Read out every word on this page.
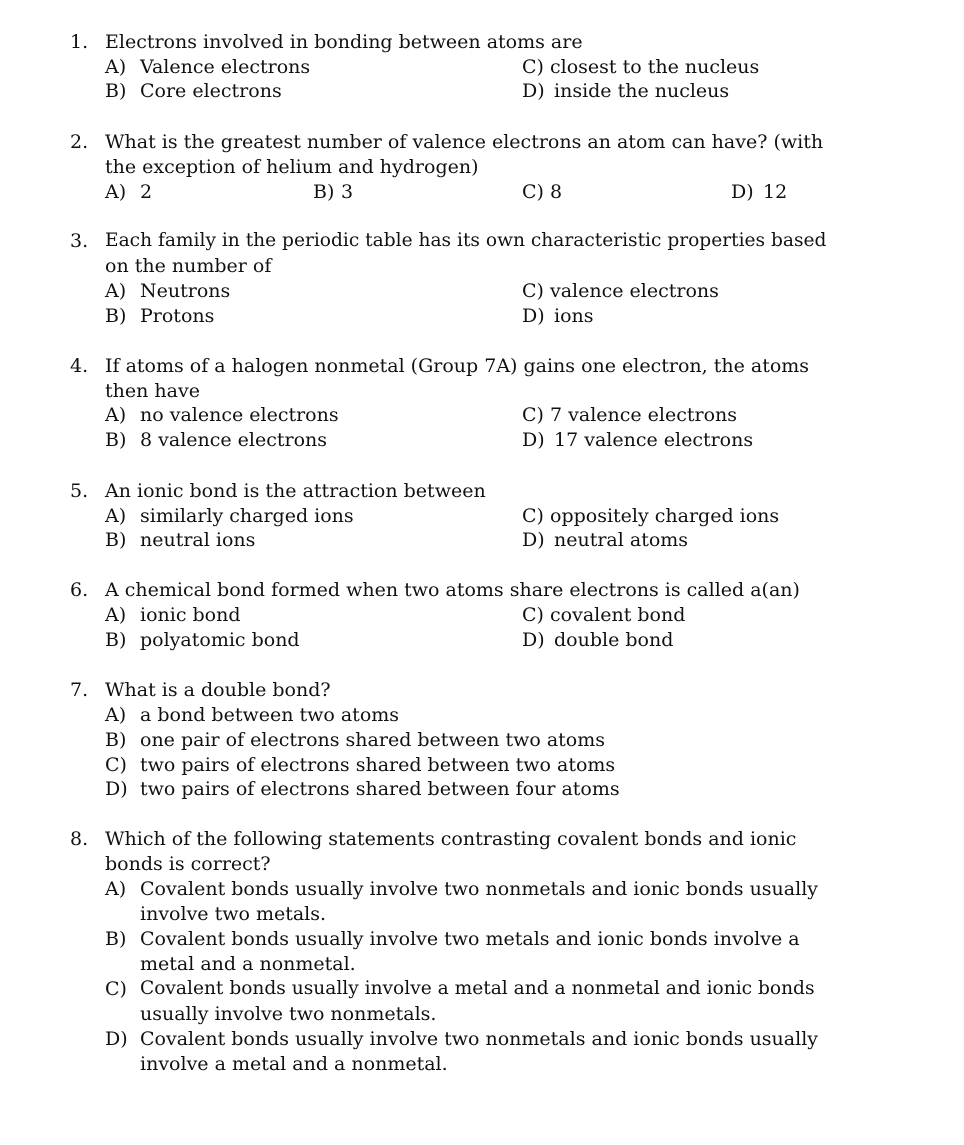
1. Electrons involved in bonding between atoms are
A) Valence electrons
B) Core electrons
C) closest to the nucleus
D) inside the nucleus
2. What is the greatest number of valence electrons an atom can have? (with
the exception of helium and hydrogen)
A) 2	B) 3	C) 8	D) 12
3. Each family in the periodic table has its own characteristic properties based
on the number of
A) Neutrons
B) Protons
C) valence electrons
D) ions
4. If atoms of a halogen nonmetal (Group 7A) gains one electron, the atoms
then have
A) no valence electrons
B) 8 valence electrons
C) 7 valence electrons
D) 17 valence electrons
5. An ionic bond is the attraction between
A) similarly charged ions
B) neutral ions
C) oppositely charged ions
D) neutral atoms
6. A chemical bond formed when two atoms share electrons is called a(an)
A) ionic bond
B) polyatomic bond
C) covalent bond
D) double bond
7. What is a double bond?
A) a bond between two atoms
B) one pair of electrons shared between two atoms
C) two pairs of electrons shared between two atoms
D) two pairs of electrons shared between four atoms
8. Which of the following statements contrasting covalent bonds and ionic
bonds is correct?
A) Covalent bonds usually involve two nonmetals and ionic bonds usually
involve two metals.
B) Covalent bonds usually involve two metals and ionic bonds involve a
metal and a nonmetal.
C) Covalent bonds usually involve a metal and a nonmetal and ionic bonds
usually involve two nonmetals.
D) Covalent bonds usually involve two nonmetals and ionic bonds usually
involve a metal and a nonmetal.
